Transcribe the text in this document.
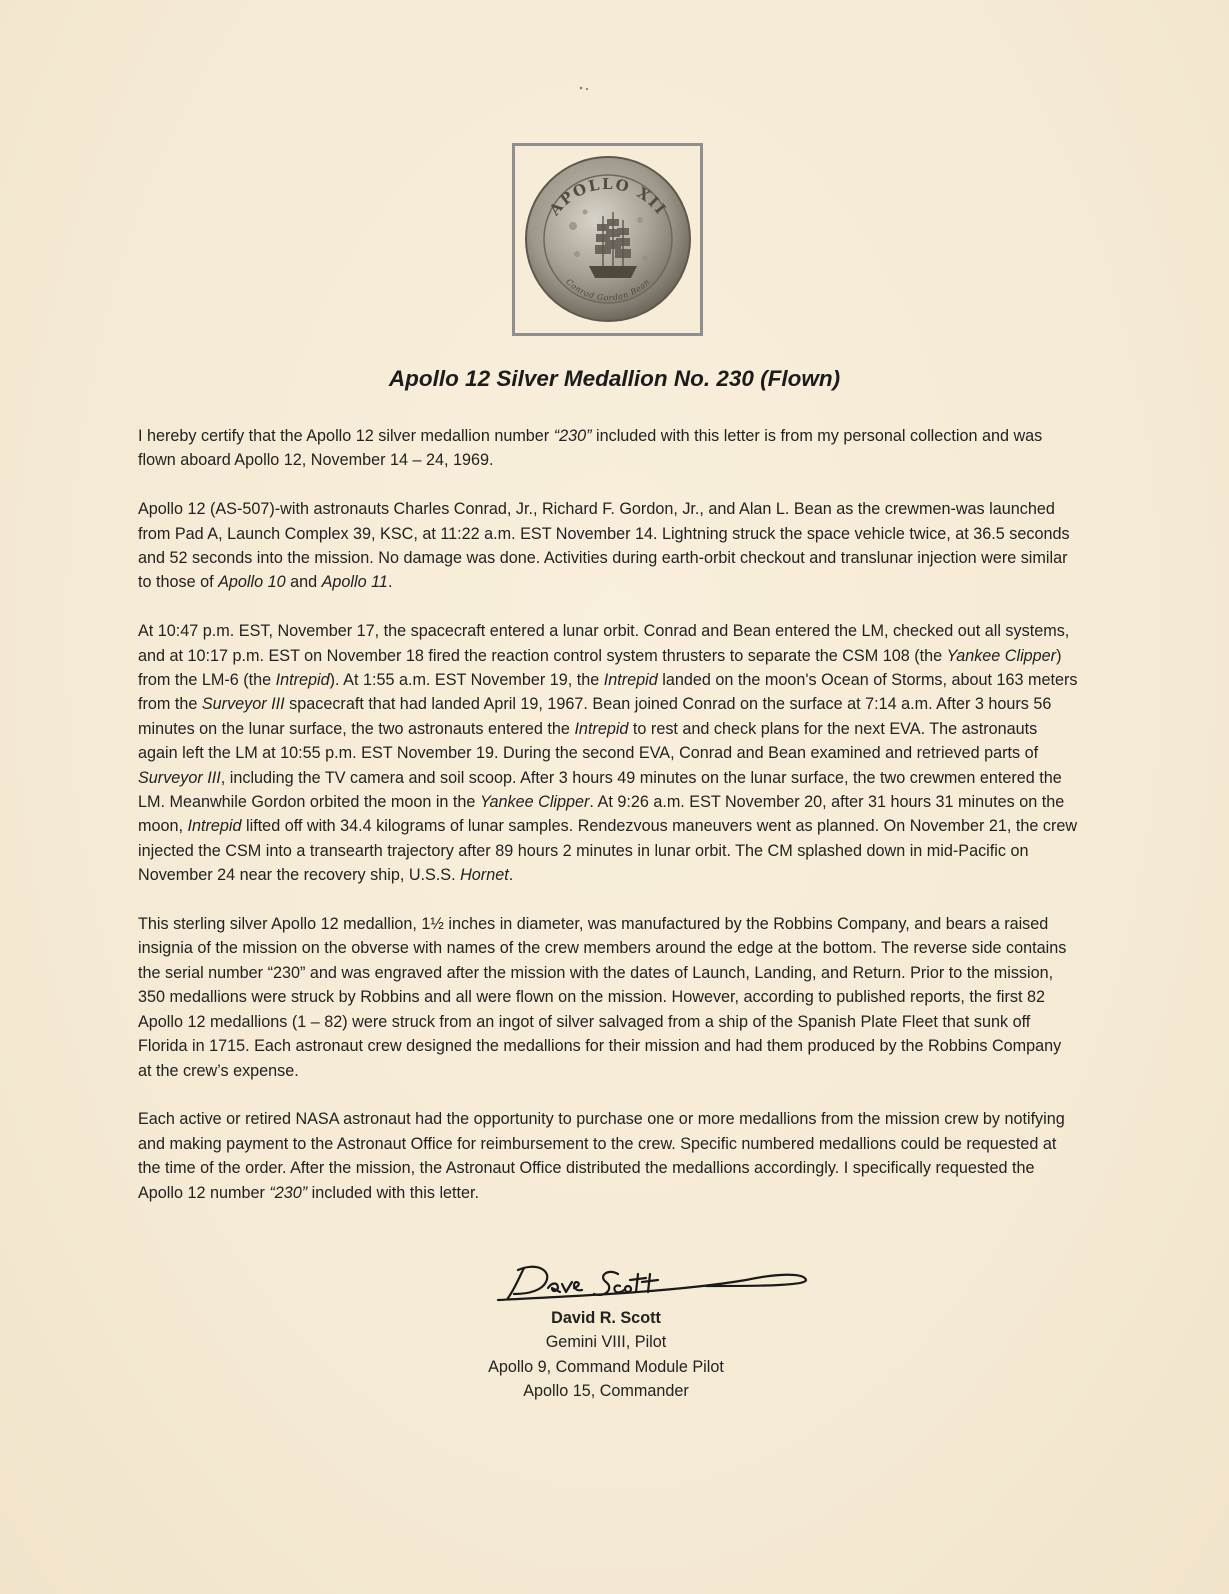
APOLLO XII
Conrad Gordon Bean
Apollo 12 Silver Medallion No. 230 (Flown)

I hereby certify that the Apollo 12 silver medallion number “230” included with this letter is from my personal collection and was flown aboard Apollo 12, November 14 – 24, 1969.

Apollo 12 (AS-507)-with astronauts Charles Conrad, Jr., Richard F. Gordon, Jr., and Alan L. Bean as the crewmen-was launched from Pad A, Launch Complex 39, KSC, at 11:22 a.m. EST November 14. Lightning struck the space vehicle twice, at 36.5 seconds and 52 seconds into the mission. No damage was done. Activities during earth-orbit checkout and translunar injection were similar to those of Apollo 10 and Apollo 11.

At 10:47 p.m. EST, November 17, the spacecraft entered a lunar orbit. Conrad and Bean entered the LM, checked out all systems, and at 10:17 p.m. EST on November 18 fired the reaction control system thrusters to separate the CSM 108 (the Yankee Clipper) from the LM-6 (the Intrepid). At 1:55 a.m. EST November 19, the Intrepid landed on the moon's Ocean of Storms, about 163 meters from the Surveyor III spacecraft that had landed April 19, 1967. Bean joined Conrad on the surface at 7:14 a.m. After 3 hours 56 minutes on the lunar surface, the two astronauts entered the Intrepid to rest and check plans for the next EVA. The astronauts again left the LM at 10:55 p.m. EST November 19. During the second EVA, Conrad and Bean examined and retrieved parts of Surveyor III, including the TV camera and soil scoop. After 3 hours 49 minutes on the lunar surface, the two crewmen entered the LM. Meanwhile Gordon orbited the moon in the Yankee Clipper. At 9:26 a.m. EST November 20, after 31 hours 31 minutes on the moon, Intrepid lifted off with 34.4 kilograms of lunar samples. Rendezvous maneuvers went as planned. On November 21, the crew injected the CSM into a transearth trajectory after 89 hours 2 minutes in lunar orbit. The CM splashed down in mid-Pacific on November 24 near the recovery ship, U.S.S. Hornet.

This sterling silver Apollo 12 medallion, 1½ inches in diameter, was manufactured by the Robbins Company, and bears a raised insignia of the mission on the obverse with names of the crew members around the edge at the bottom. The reverse side contains the serial number “230” and was engraved after the mission with the dates of Launch, Landing, and Return. Prior to the mission, 350 medallions were struck by Robbins and all were flown on the mission. However, according to published reports, the first 82 Apollo 12 medallions (1 – 82) were struck from an ingot of silver salvaged from a ship of the Spanish Plate Fleet that sunk off Florida in 1715. Each astronaut crew designed the medallions for their mission and had them produced by the Robbins Company at the crew’s expense.

Each active or retired NASA astronaut had the opportunity to purchase one or more medallions from the mission crew by notifying and making payment to the Astronaut Office for reimbursement to the crew. Specific numbered medallions could be requested at the time of the order. After the mission, the Astronaut Office distributed the medallions accordingly. I specifically requested the Apollo 12 number “230” included with this letter.

David R. Scott
Gemini VIII, Pilot
Apollo 9, Command Module Pilot
Apollo 15, Commander
